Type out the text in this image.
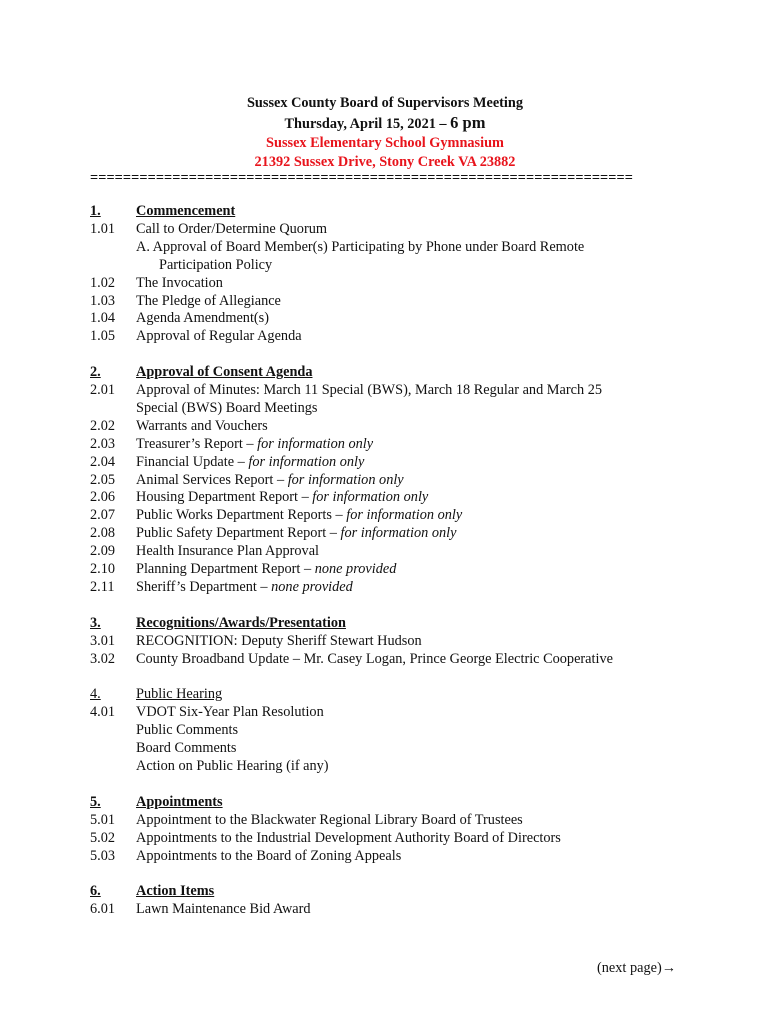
Sussex County Board of Supervisors Meeting
Thursday, April 15, 2021 – 6 pm
Sussex Elementary School Gymnasium
21392 Sussex Drive, Stony Creek VA 23882
==================================================================
1.	Commencement
1.01	Call to Order/Determine Quorum
A. Approval of Board Member(s) Participating by Phone under Board Remote
Participation Policy
1.02	The Invocation
1.03	The Pledge of Allegiance
1.04	Agenda Amendment(s)
1.05	Approval of Regular Agenda
2.	Approval of Consent Agenda
2.01	Approval of Minutes: March 11 Special (BWS), March 18 Regular and March 25
Special (BWS) Board Meetings
2.02	Warrants and Vouchers
2.03	Treasurer’s Report – for information only
2.04	Financial Update – for information only
2.05	Animal Services Report – for information only
2.06	Housing Department Report – for information only
2.07	Public Works Department Reports – for information only
2.08	Public Safety Department Report – for information only
2.09	Health Insurance Plan Approval
2.10	Planning Department Report – none provided
2.11	Sheriff’s Department – none provided
3.	Recognitions/Awards/Presentation
3.01	RECOGNITION: Deputy Sheriff Stewart Hudson
3.02	County Broadband Update – Mr. Casey Logan, Prince George Electric Cooperative
4.	Public Hearing
4.01	VDOT Six-Year Plan Resolution
Public Comments
Board Comments
Action on Public Hearing (if any)
5.	Appointments
5.01	Appointment to the Blackwater Regional Library Board of Trustees
5.02	Appointments to the Industrial Development Authority Board of Directors
5.03	Appointments to the Board of Zoning Appeals
6.	Action Items
6.01	Lawn Maintenance Bid Award
(next page)→
